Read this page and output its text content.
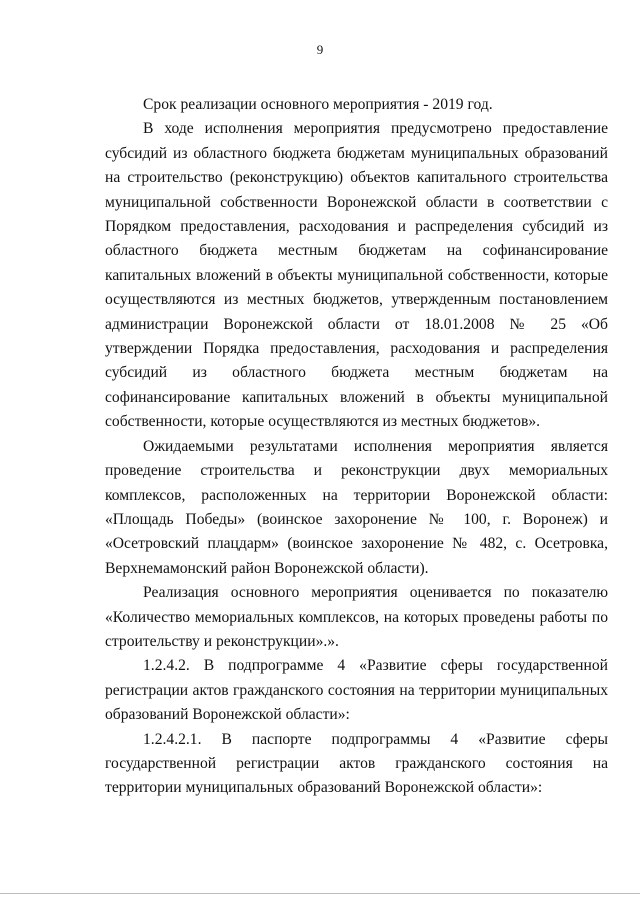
9

Срок реализации основного мероприятия - 2019 год.

В ходе исполнения мероприятия предусмотрено предоставление субсидий из областного бюджета бюджетам муниципальных образований на строительство (реконструкцию) объектов капитального строительства муниципальной собственности Воронежской области в соответствии с Порядком предоставления, расходования и распределения субсидий из областного бюджета местным бюджетам на софинансирование капитальных вложений в объекты муниципальной собственности, которые осуществляются из местных бюджетов, утвержденным постановлением администрации Воронежской области от 18.01.2008 № 25 «Об утверждении Порядка предоставления, расходования и распределения субсидий из областного бюджета местным бюджетам на софинансирование капитальных вложений в объекты муниципальной собственности, которые осуществляются из местных бюджетов».

Ожидаемыми результатами исполнения мероприятия является проведение строительства и реконструкции двух мемориальных комплексов, расположенных на территории Воронежской области: «Площадь Победы» (воинское захоронение № 100, г. Воронеж) и «Осетровский плацдарм» (воинское захоронение № 482, с. Осетровка, Верхнемамонский район Воронежской области).

Реализация основного мероприятия оценивается по показателю «Количество мемориальных комплексов, на которых проведены работы по строительству и реконструкции».».

1.2.4.2. В подпрограмме 4 «Развитие сферы государственной регистрации актов гражданского состояния на территории муниципальных образований Воронежской области»:

1.2.4.2.1. В паспорте подпрограммы 4 «Развитие сферы государственной регистрации актов гражданского состояния на территории муниципальных образований Воронежской области»:
